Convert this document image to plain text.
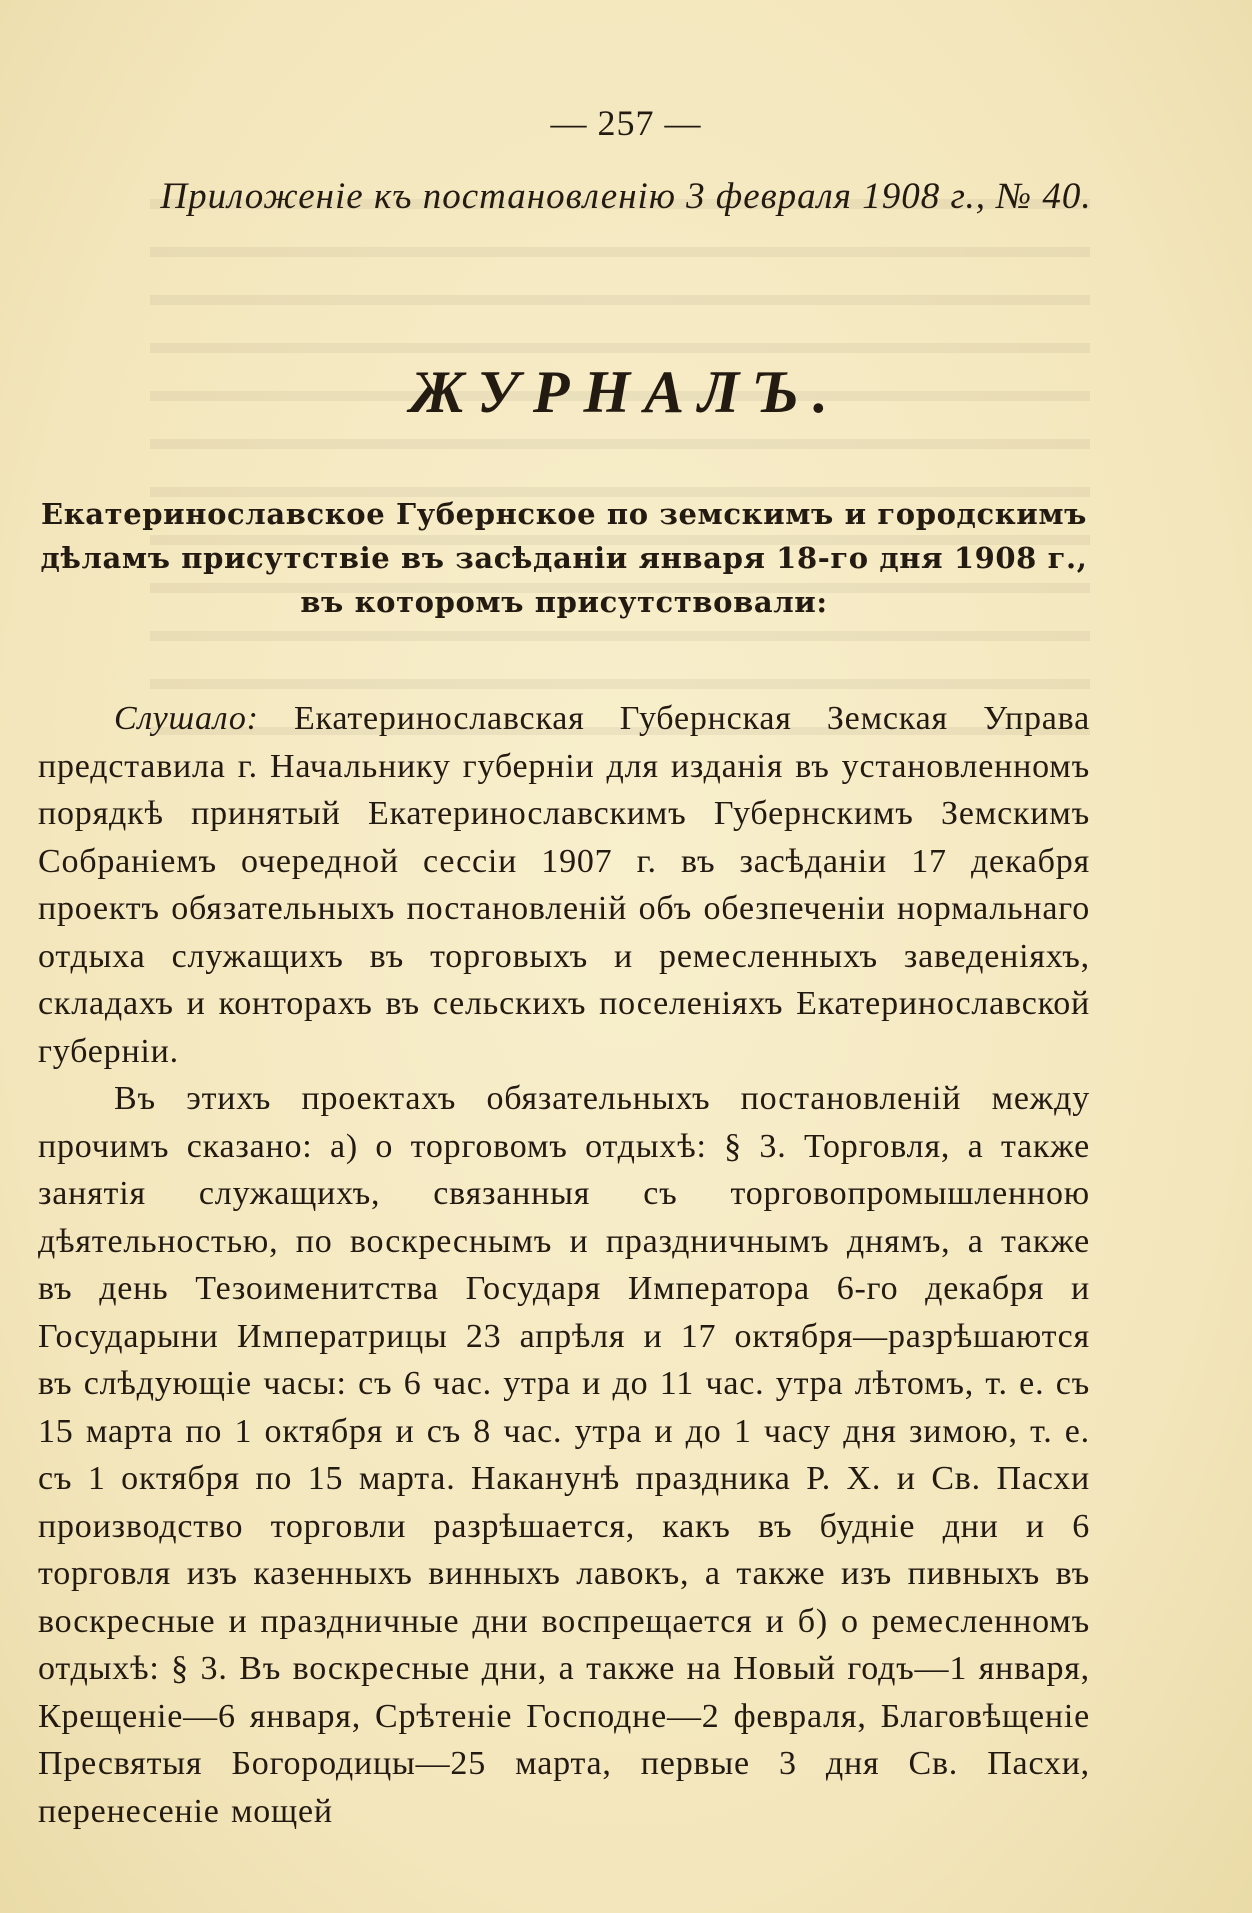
— 257 —
Приложеніе къ постановленію 3 февраля 1908 г., № 40.
ЖУРНАЛЪ.
Екатеринославское Губернское по земскимъ и городскимъ дѣламъ присутствіе въ засѣданіи января 18-го дня 1908 г., въ которомъ присутствовали:

Слушало: Екатеринославская Губернская Земская Управа представила г. Начальнику губерніи для изданія въ установленномъ порядкѣ принятый Екатеринославскимъ Губернскимъ Земскимъ Собраніемъ очередной сессіи 1907 г. въ засѣданіи 17 декабря проектъ обязательныхъ постановленій объ обезпеченіи нормальнаго отдыха служащихъ въ торговыхъ и ремесленныхъ заведеніяхъ, складахъ и конторахъ въ сельскихъ поселеніяхъ Екатеринославской губерніи.

Въ этихъ проектахъ обязательныхъ постановленій между прочимъ сказано: а) о торговомъ отдыхѣ: § 3. Торговля, а также занятія служащихъ, связанныя съ торговопромышленною дѣятельностью, по воскреснымъ и праздничнымъ днямъ, а также въ день Тезоименитства Государя Императора 6-го декабря и Государыни Императрицы 23 апрѣля и 17 октября—разрѣшаются въ слѣдующіе часы: съ 6 час. утра и до 11 час. утра лѣтомъ, т. е. съ 15 марта по 1 октября и съ 8 час. утра и до 1 часу дня зимою, т. е. съ 1 октября по 15 марта. Наканунѣ праздника Р. Х. и Св. Пасхи производство торговли разрѣшается, какъ въ будніе дни и 6 торговля изъ казенныхъ винныхъ лавокъ, а также изъ пивныхъ въ воскресные и праздничные дни воспрещается и б) о ремесленномъ отдыхѣ: § 3. Въ воскресные дни, а также на Новый годъ—1 января, Крещеніе—6 января, Срѣтеніе Господне—2 февраля, Благовѣщеніе Пресвятыя Богородицы—25 марта, первые 3 дня Св. Пасхи, перенесеніе мощей
